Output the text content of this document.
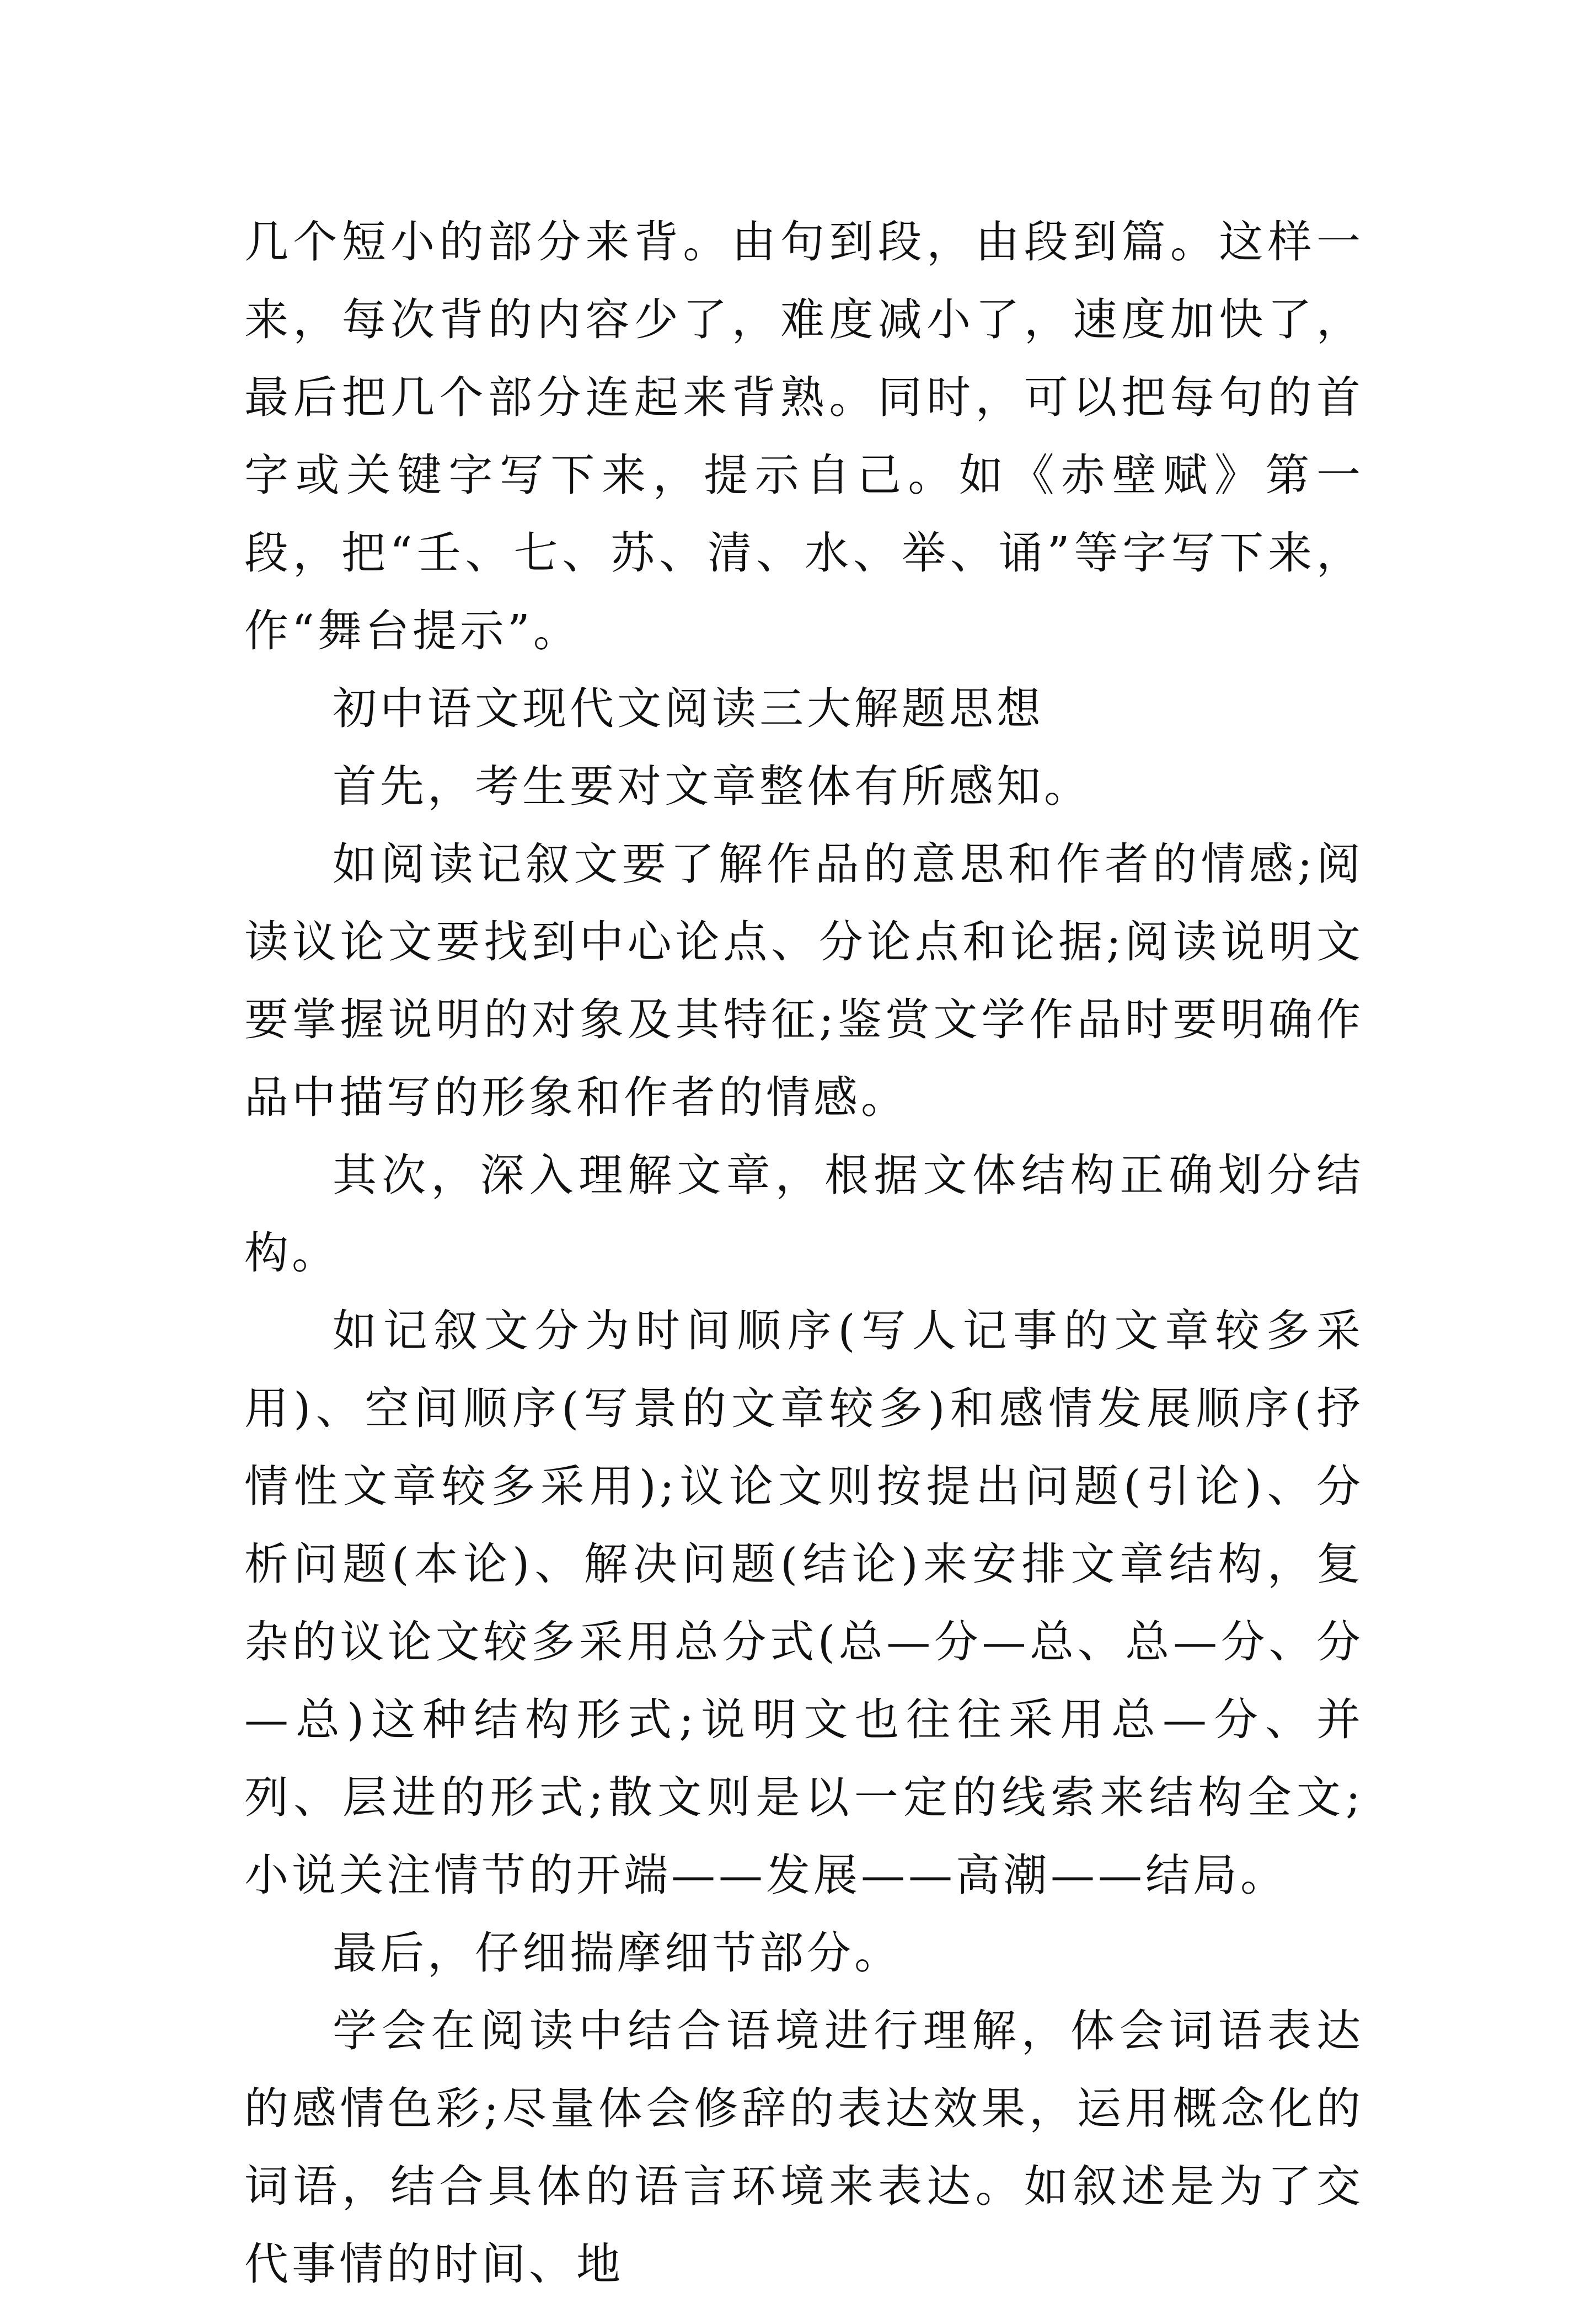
几个短小的部分来背。由句到段，由段到篇。这样一来，每次背的内容少了，难度减小了，速度加快了，最后把几个部分连起来背熟。同时，可以把每句的首字或关键字写下来，提示自己。如《赤壁赋》第一段，把“壬、七、苏、清、水、举、诵”等字写下来，作“舞台提示”。

初中语文现代文阅读三大解题思想

首先，考生要对文章整体有所感知。

如阅读记叙文要了解作品的意思和作者的情感;阅读议论文要找到中心论点、分论点和论据;阅读说明文要掌握说明的对象及其特征;鉴赏文学作品时要明确作品中描写的形象和作者的情感。

其次，深入理解文章，根据文体结构正确划分结构。

如记叙文分为时间顺序(写人记事的文章较多采用)、空间顺序(写景的文章较多)和感情发展顺序(抒情性文章较多采用);议论文则按提出问题(引论)、分析问题(本论)、解决问题(结论)来安排文章结构，复杂的议论文较多采用总分式(总—分—总、总—分、分—总)这种结构形式;说明文也往往采用总—分、并列、层进的形式;散文则是以一定的线索来结构全文;小说关注情节的开端——发展——高潮——结局。

最后，仔细揣摩细节部分。

学会在阅读中结合语境进行理解，体会词语表达的感情色彩;尽量体会修辞的表达效果，运用概念化的词语，结合具体的语言环境来表达。如叙述是为了交代事情的时间、地
